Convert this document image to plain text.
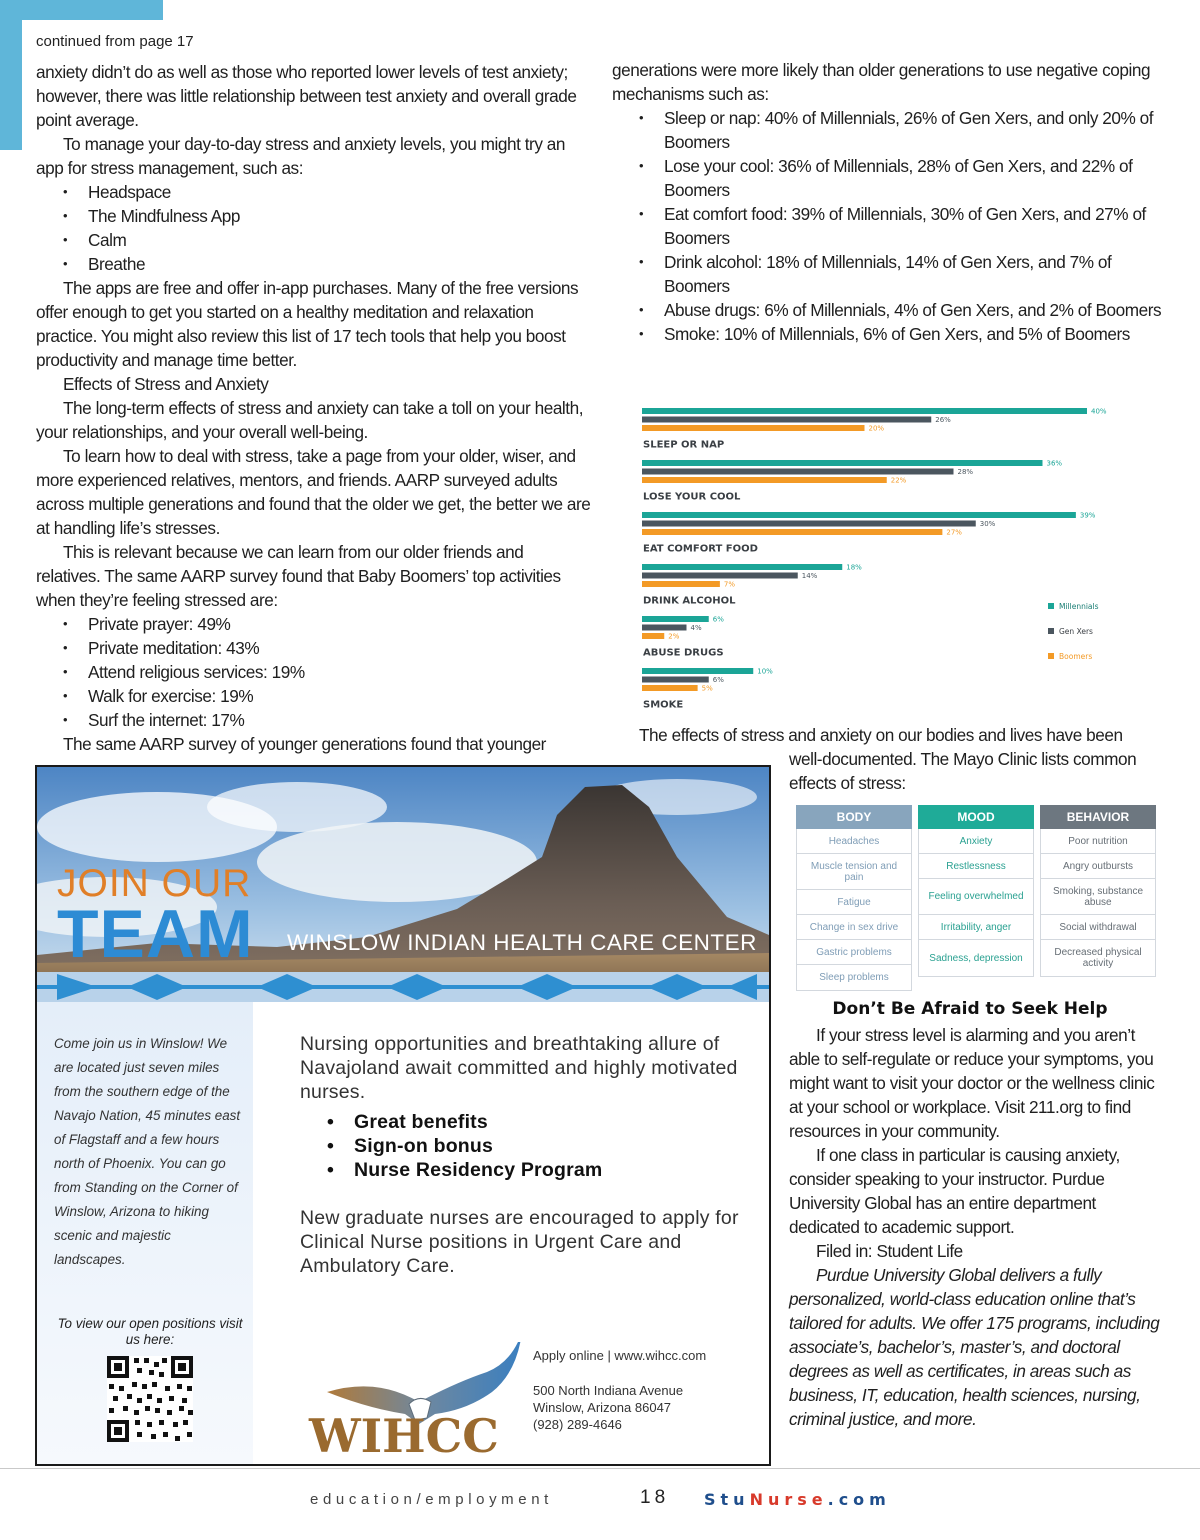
continued from page 17

anxiety didn’t do as well as those who reported lower levels of test anxiety; however, there was little relationship between test anxiety and overall grade point average.

To manage your day-to-day stress and anxiety levels, you might try an app for stress management, such as:

• Headspace
• The Mindfulness App
• Calm
• Breathe

The apps are free and offer in-app purchases. Many of the free versions offer enough to get you started on a healthy meditation and relaxation practice. You might also review this list of 17 tech tools that help you boost productivity and manage time better.

Effects of Stress and Anxiety

The long-term effects of stress and anxiety can take a toll on your health, your relationships, and your overall well-being.

To learn how to deal with stress, take a page from your older, wiser, and more experienced relatives, mentors, and friends. AARP surveyed adults across multiple generations and found that the older we get, the better we are at handling life’s stresses.

This is relevant because we can learn from our older friends and relatives. The same AARP survey found that Baby Boomers’ top activities when they’re feeling stressed are:

• Private prayer: 49%
• Private meditation: 43%
• Attend religious services: 19%
• Walk for exercise: 19%
• Surf the internet: 17%

The same AARP survey of younger generations found that younger

generations were more likely than older generations to use negative coping mechanisms such as:

• Sleep or nap: 40% of Millennials, 26% of Gen Xers, and only 20% of Boomers
• Lose your cool: 36% of Millennials, 28% of Gen Xers, and 22% of Boomers
• Eat comfort food: 39% of Millennials, 30% of Gen Xers, and 27% of Boomers
• Drink alcohol: 18% of Millennials, 14% of Gen Xers, and 7% of Boomers
• Abuse drugs: 6% of Millennials, 4% of Gen Xers, and 2% of Boomers
• Smoke: 10% of Millennials, 6% of Gen Xers, and 5% of Boomers
40%
26%
20%
SLEEP OR NAP
36%
28%
22%
LOSE YOUR COOL
39%
30%
27%
EAT COMFORT FOOD
18%
14%
7%
DRINK ALCOHOL
6%
4%
2%
ABUSE DRUGS
10%
6%
5%
SMOKE
Millennials
Gen Xers
Boomers
The effects of stress and anxiety on our bodies and lives have been
well-documented. The Mayo Clinic lists common effects of stress:
BODY
Headaches
Muscle tension and pain
Fatigue
Change in sex drive
Gastric problems
Sleep problems
MOOD
Anxiety
Restlessness
Feeling overwhelmed
Irritability, anger
Sadness, depression
BEHAVIOR
Poor nutrition
Angry outbursts
Smoking, substance abuse
Social withdrawal
Decreased physical activity
Don’t Be Afraid to Seek Help

If your stress level is alarming and you aren’t able to self-regulate or reduce your symptoms, you might want to visit your doctor or the wellness clinic at your school or workplace. Visit 211.org to find resources in your community.

If one class in particular is causing anxiety, consider speaking to your instructor. Purdue University Global has an entire department dedicated to academic support.

Filed in: Student Life

Purdue University Global delivers a fully personalized, world-class education online that’s tailored for adults. We offer 175 programs, including associate’s, bachelor’s, master’s, and doctoral degrees as well as certificates, in areas such as business, IT, education, health sciences, nursing, criminal justice, and more.

JOIN OUR
TEAM WINSLOW INDIAN HEALTH CARE CENTER
Come join us in Winslow! We are located just seven miles from the southern edge of the Navajo Nation, 45 minutes east of Flagstaff and a few hours north of Phoenix. You can go from Standing on the Corner of Winslow, Arizona to hiking scenic and majestic landscapes.
To view our open positions visit us here:

Nursing opportunities and breathtaking allure of Navajoland await committed and highly motivated nurses.

• Great benefits
• Sign-on bonus
• Nurse Residency Program

New graduate nurses are encouraged to apply for Clinical Nurse positions in Urgent Care and Ambulatory Care.

WIHCC
Apply online | www.wihcc.com
500 North Indiana Avenue
Winslow, Arizona 86047
(928) 289-4646
education/employment	18 StuNurse.com
